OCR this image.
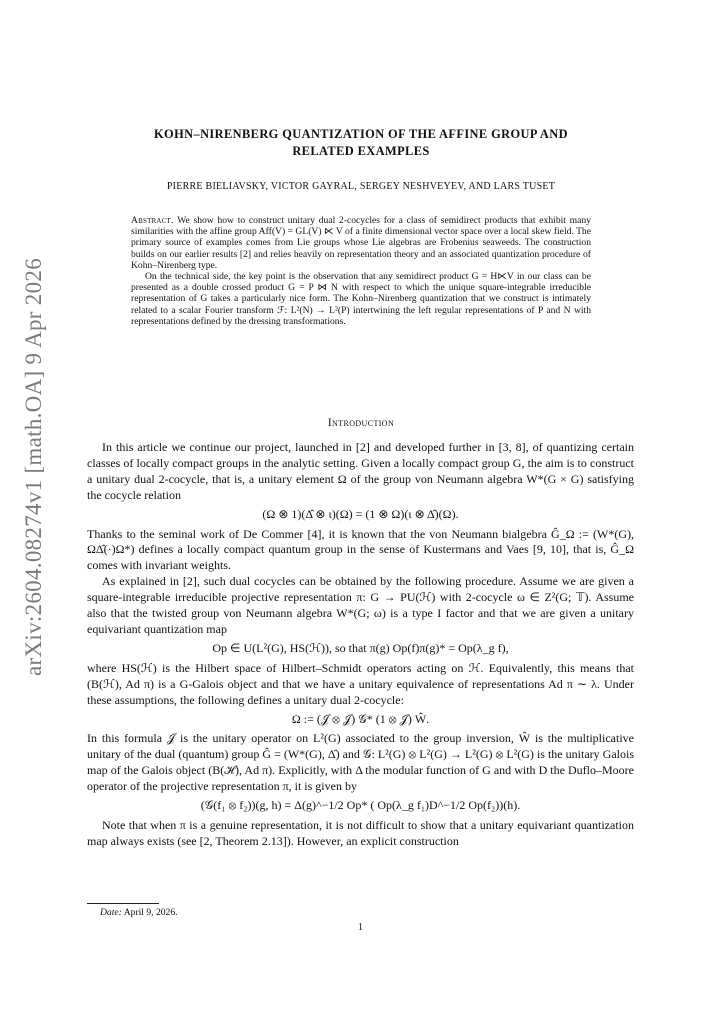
arXiv:2604.08274v1 [math.OA] 9 Apr 2026
KOHN–NIRENBERG QUANTIZATION OF THE AFFINE GROUP AND
RELATED EXAMPLES
PIERRE BIELIAVSKY, VICTOR GAYRAL, SERGEY NESHVEYEV, AND LARS TUSET

Abstract. We show how to construct unitary dual 2-cocycles for a class of semidirect products that exhibit many similarities with the affine group Aff(V) = GL(V) ⋉ V of a finite dimensional vector space over a local skew field. The primary source of examples comes from Lie groups whose Lie algebras are Frobenius seaweeds. The construction builds on our earlier results [2] and relies heavily on representation theory and an associated quantization procedure of Kohn–Nirenberg type.

On the technical side, the key point is the observation that any semidirect product G = H⋉V in our class can be presented as a double crossed product G = P ⋈ N with respect to which the unique square-integrable irreducible representation of G takes a particularly nice form. The Kohn–Nirenberg quantization that we construct is intimately related to a scalar Fourier transform ℱ: L²(N) → L²(P) intertwining the left regular representations of P and N with representations defined by the dressing transformations.

Introduction

In this article we continue our project, launched in [2] and developed further in [3, 8], of quantizing certain classes of locally compact groups in the analytic setting. Given a locally compact group G, the aim is to construct a unitary dual 2-cocycle, that is, a unitary element Ω of the group von Neumann algebra W*(G × G) satisfying the cocycle relation

(Ω ⊗ 1)(Δ̂ ⊗ ι)(Ω) = (1 ⊗ Ω)(ι ⊗ Δ̂)(Ω).

Thanks to the seminal work of De Commer [4], it is known that the von Neumann bialgebra Ĝ_Ω := (W*(G), ΩΔ̂(·)Ω*) defines a locally compact quantum group in the sense of Kustermans and Vaes [9, 10], that is, Ĝ_Ω comes with invariant weights.

As explained in [2], such dual cocycles can be obtained by the following procedure. Assume we are given a square-integrable irreducible projective representation π: G → PU(ℋ) with 2-cocycle ω ∈ Z²(G; 𝕋). Assume also that the twisted group von Neumann algebra W*(G; ω) is a type I factor and that we are given a unitary equivariant quantization map

Op ∈ U(L²(G), HS(ℋ)), so that π(g) Op(f)π(g)* = Op(λ_g f),

where HS(ℋ) is the Hilbert space of Hilbert–Schmidt operators acting on ℋ. Equivalently, this means that (B(ℋ), Ad π) is a G-Galois object and that we have a unitary equivalence of representations Ad π ∼ λ. Under these assumptions, the following defines a unitary dual 2-cocycle:

Ω := (𝒥 ⊗ 𝒥) 𝒢* (1 ⊗ 𝒥) Ŵ.

In this formula 𝒥 is the unitary operator on L²(G) associated to the group inversion, Ŵ is the multiplicative unitary of the dual (quantum) group Ĝ = (W*(G), Δ̂) and 𝒢: L²(G) ⊗ L²(G) → L²(G) ⊗ L²(G) is the unitary Galois map of the Galois object (B(ℋ), Ad π). Explicitly, with Δ the modular function of G and with D the Duflo–Moore operator of the projective representation π, it is given by

(𝒢(f₁ ⊗ f₂))(g, h) = Δ(g)^−1/2 Op* ( Op(λ_g f₁)D^−1/2 Op(f₂))(h).

Note that when π is a genuine representation, it is not difficult to show that a unitary equivariant quantization map always exists (see [2, Theorem 2.13]). However, an explicit construction

Date: April 9, 2026.
1
